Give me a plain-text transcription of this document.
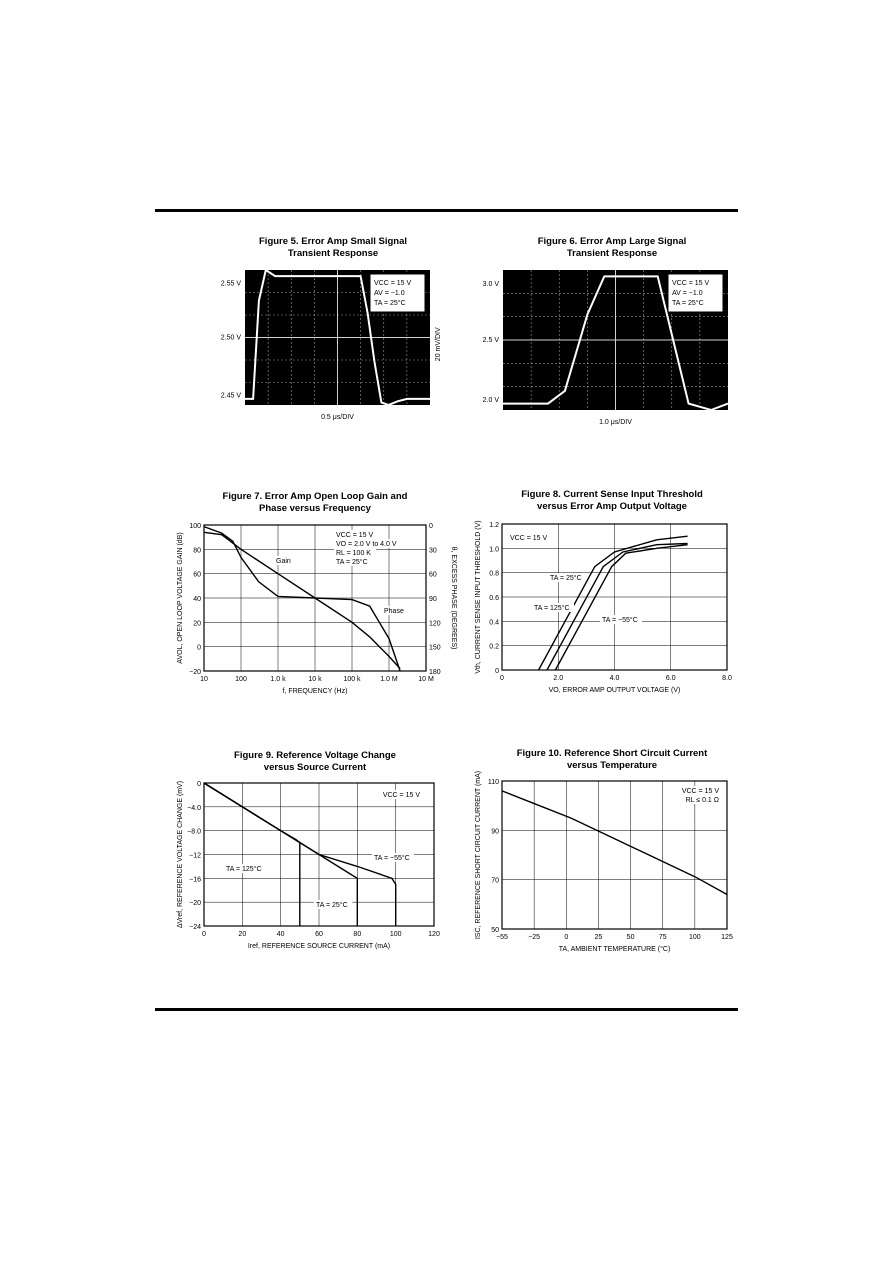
Figure 5. Error Amp Small Signal
Transient Response
2.55 V
2.50 V
2.45 V
0.5 μs/DIV
20 mV/DIV
VCC = 15 V
AV = −1.0
TA = 25°C
Figure 6. Error Amp Large Signal
Transient Response
3.0 V
2.5 V
2.0 V
1.0 μs/DIV
VCC = 15 V
AV = −1.0
TA = 25°C
Figure 7. Error Amp Open Loop Gain and
Phase versus Frequency
10	100	1.0 k	10 k	100 k	1.0 M	10 M
100
80
60
40
20
0
−20
0
30
60
90
120
150
180
f, FREQUENCY (Hz)
AVOL, OPEN LOOP VOLTAGE GAIN (dB)	θ, EXCESS PHASE (DEGREES)
VCC = 15 V
VO = 2.0 V to 4.0 V
RL = 100 K
TA = 25°C
Gain
Phase
Figure 8. Current Sense Input Threshold
versus Error Amp Output Voltage
0	2.0	4.0	6.0	8.0
1.2
1.0
0.8
0.6
0.4
0.2
0
VO, ERROR AMP OUTPUT VOLTAGE (V)
Vth, CURRENT SENSE INPUT THRESHOLD (V)	VCC = 15 V
TA = 25°C
TA = 125°C
TA = −55°C
Figure 9. Reference Voltage Change
versus Source Current
0	20	40	60	80	100	120
0
−4.0
−8.0
−12
−16
−20
−24
Iref, REFERENCE SOURCE CURRENT (mA)
ΔVref, REFERENCE VOLTAGE CHANGE (mV)	VCC = 15 V
TA = 125°C
TA = 25°C
TA = −55°C
Figure 10. Reference Short Circuit Current
versus Temperature
−55	−25	0	25	50	75	100	125
110
90
70
50
TA, AMBIENT TEMPERATURE (°C)
ISC, REFERENCE SHORT CIRCUIT CURRENT (mA)	VCC = 15 V
RL ≤ 0.1 Ω
